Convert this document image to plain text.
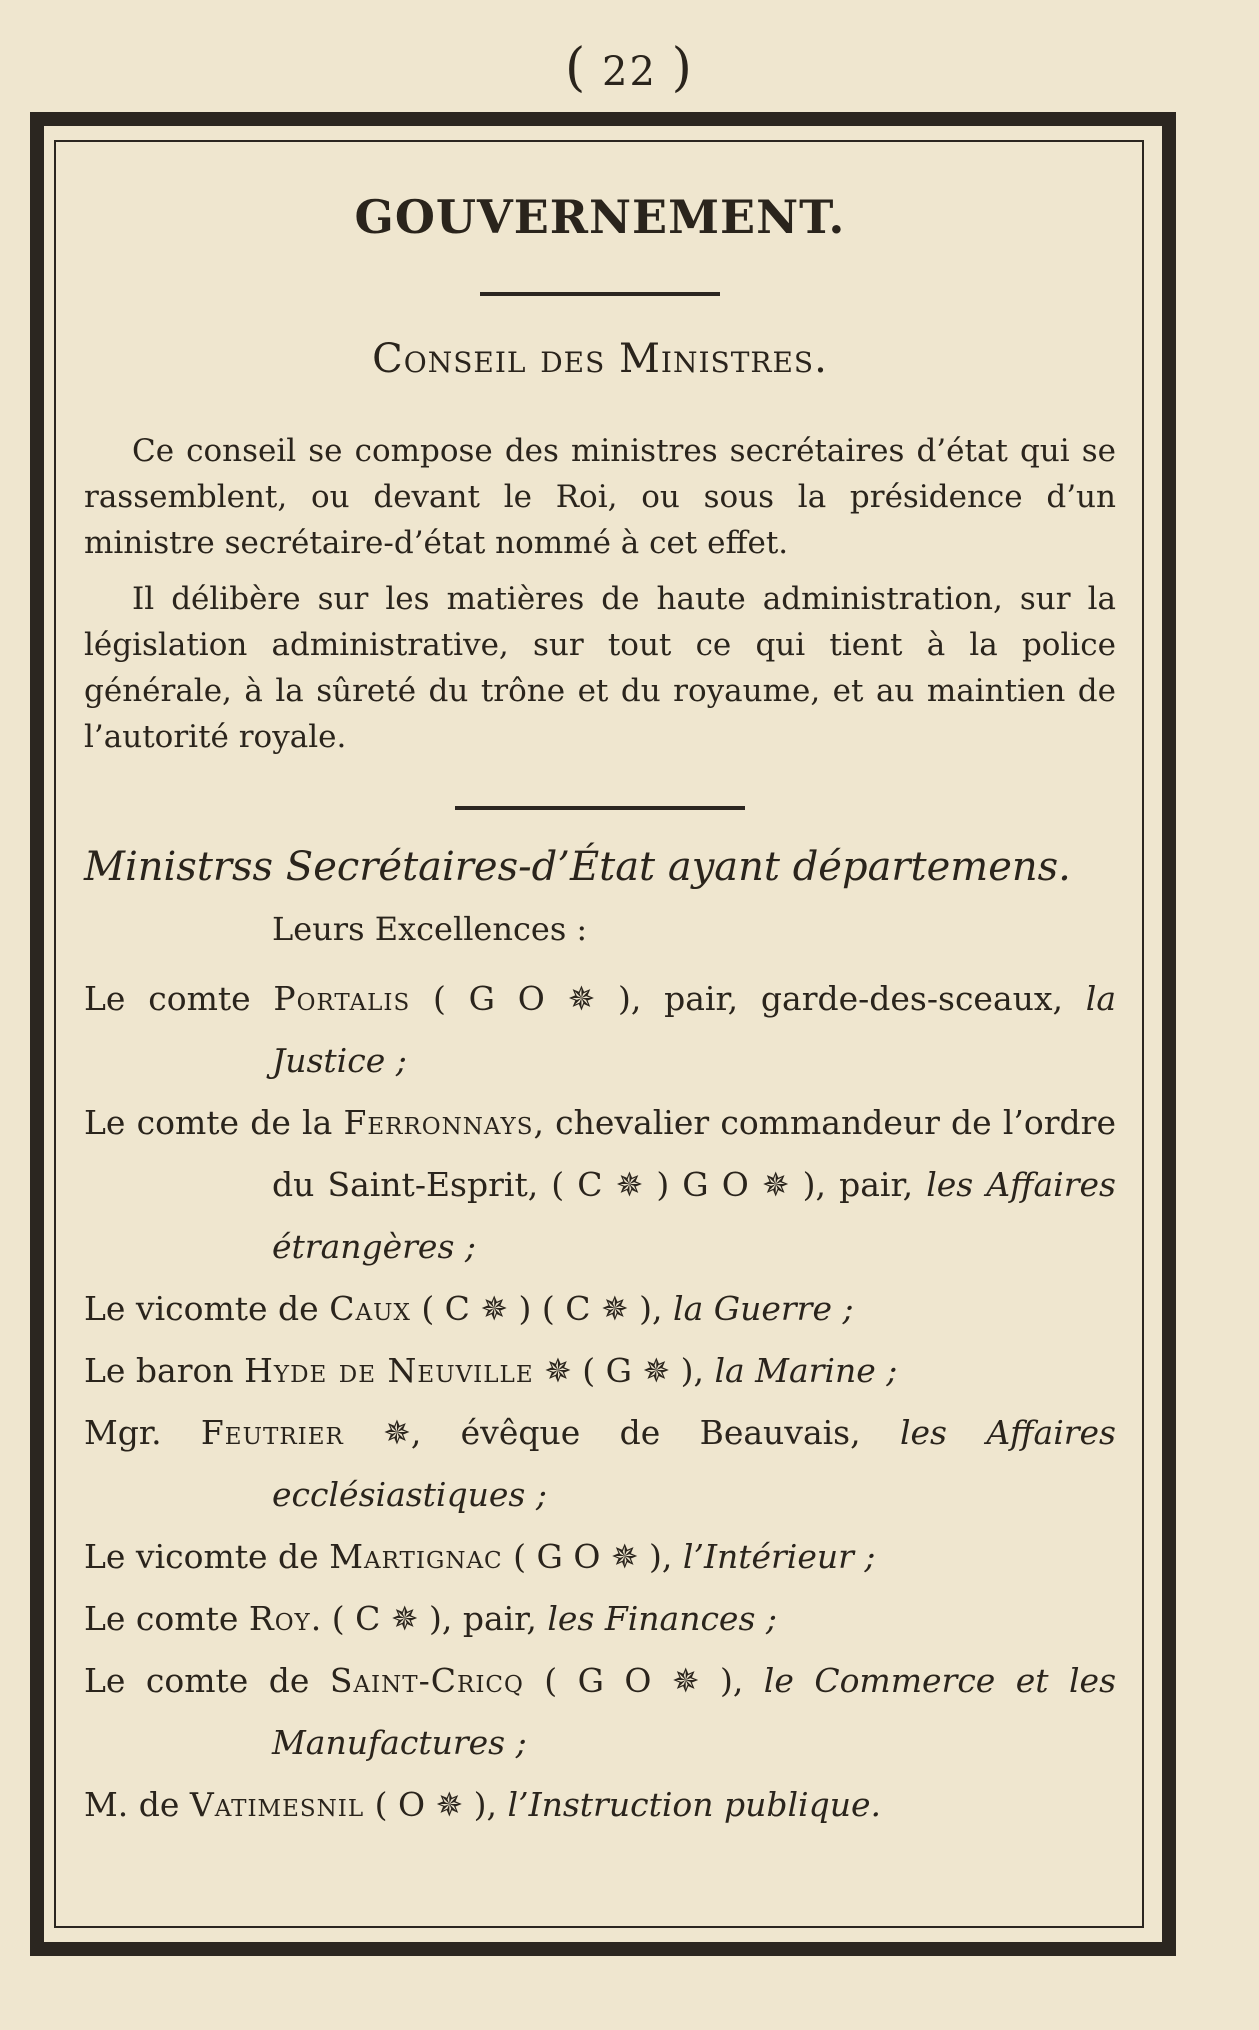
( 22 )
GOUVERNEMENT.
Conseil des Ministres.

Ce conseil se compose des ministres secrétaires d’état qui se rassemblent, ou devant le Roi, ou sous la présidence d’un ministre secrétaire-d’état nommé à cet effet.

Il délibère sur les matières de haute administration, sur la législation administrative, sur tout ce qui tient à la police générale, à la sûreté du trône et du royaume, et au maintien de l’autorité royale.

Ministrss Secrétaires-d’État ayant départemens.
Leurs Excellences :
Le comte Portalis ( G O ✵ ), pair, garde-des-sceaux, la Justice ;
Le comte de la Ferronnays, chevalier commandeur de l’ordre du Saint-Esprit, ( C ✵ ) G O ✵ ), pair, les Affaires étrangères ;
Le vicomte de Caux ( C ✵ ) ( C ✵ ), la Guerre ;
Le baron Hyde de Neuville ✵ ( G ✵ ), la Marine ;
Mgr. Feutrier ✵, évêque de Beauvais, les Affaires ecclésiastiques ;
Le vicomte de Martignac ( G O ✵ ), l’Intérieur ;
Le comte Roy. ( C ✵ ), pair, les Finances ;
Le comte de Saint-Cricq ( G O ✵ ), le Commerce et les Manufactures ;
M. de Vatimesnil ( O ✵ ), l’Instruction publique.
